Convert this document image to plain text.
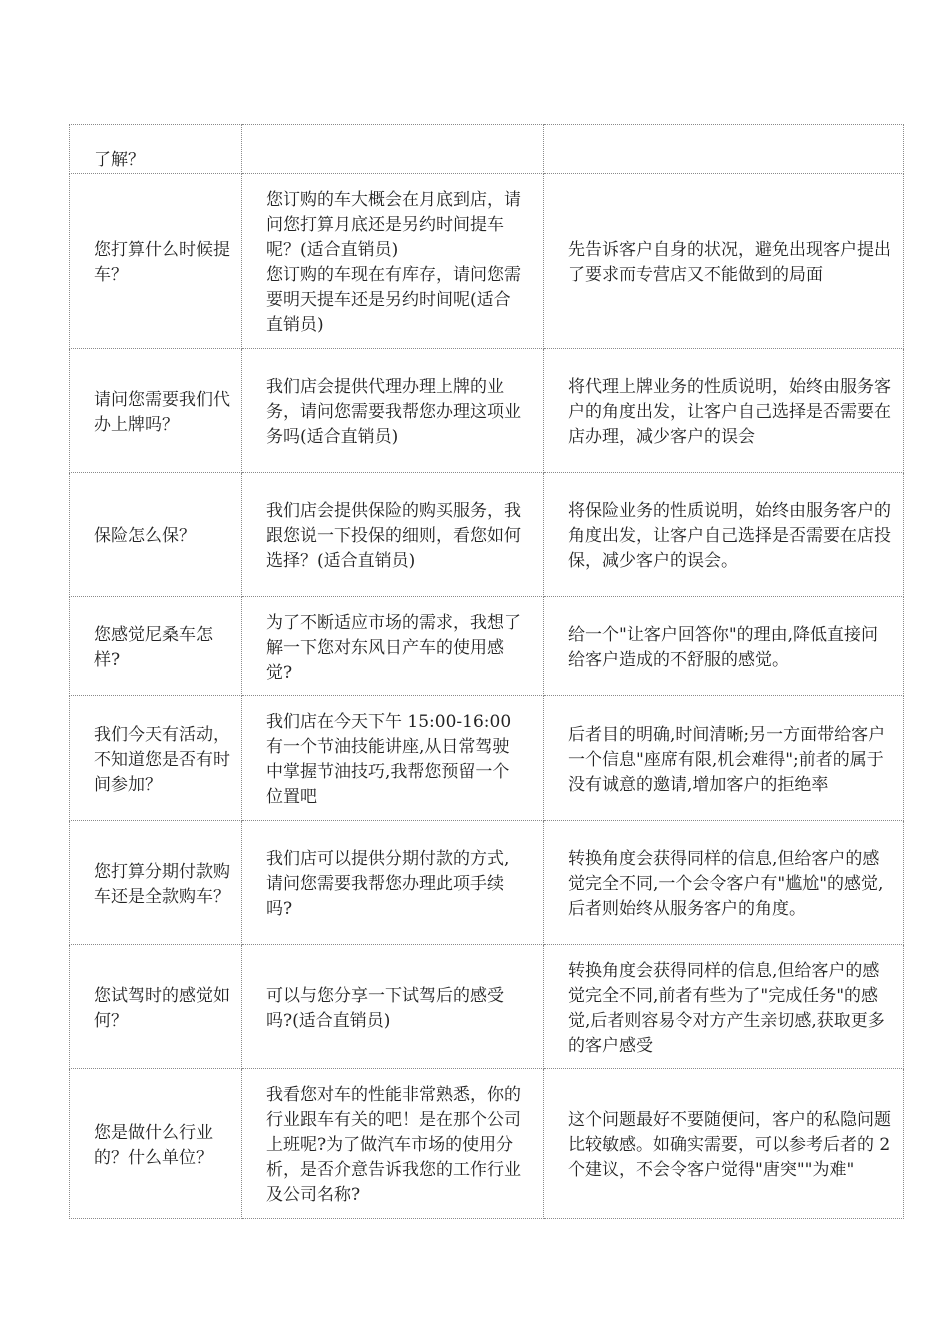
了解？		

您打算什么时候提车？	您订购的车大概会在月底到店，请问您打算月底还是另约时间提车呢？(适合直销员)
您订购的车现在有库存，请问您需要明天提车还是另约时间呢(适合直销员)	先告诉客户自身的状况，避免出现客户提出了要求而专营店又不能做到的局面

请问您需要我们代办上牌吗？	我们店会提供代理办理上牌的业务，请问您需要我帮您办理这项业务吗(适合直销员)	将代理上牌业务的性质说明，始终由服务客户的角度出发，让客户自己选择是否需要在店办理，减少客户的误会

保险怎么保？	我们店会提供保险的购买服务，我跟您说一下投保的细则，看您如何选择？(适合直销员)	将保险业务的性质说明，始终由服务客户的角度出发，让客户自己选择是否需要在店投保，减少客户的误会。

您感觉尼桑车怎样?	为了不断适应市场的需求，我想了解一下您对东风日产车的使用感觉?	给一个"让客户回答你"的理由,降低直接问给客户造成的不舒服的感觉。

我们今天有活动，不知道您是否有时间参加？	我们店在今天下午 15:00-16:00 有一个节油技能讲座,从日常驾驶中掌握节油技巧,我帮您预留一个位置吧	后者目的明确,时间清晰;另一方面带给客户一个信息"座席有限,机会难得";前者的属于没有诚意的邀请,增加客户的拒绝率

您打算分期付款购车还是全款购车？	我们店可以提供分期付款的方式,请问您需要我帮您办理此项手续吗?	转换角度会获得同样的信息,但给客户的感觉完全不同,一个会令客户有"尴尬"的感觉,后者则始终从服务客户的角度。

您试驾时的感觉如何？	可以与您分享一下试驾后的感受吗?(适合直销员)	转换角度会获得同样的信息,但给客户的感觉完全不同,前者有些为了"完成任务"的感觉,后者则容易令对方产生亲切感,获取更多的客户感受

您是做什么行业的？什么单位？	我看您对车的性能非常熟悉，你的行业跟车有关的吧！是在那个公司上班呢?为了做汽车市场的使用分析，是否介意告诉我您的工作行业及公司名称?	这个问题最好不要随便问，客户的私隐问题比较敏感。如确实需要，可以参考后者的 2 个建议，不会令客户觉得"唐突""为难"
